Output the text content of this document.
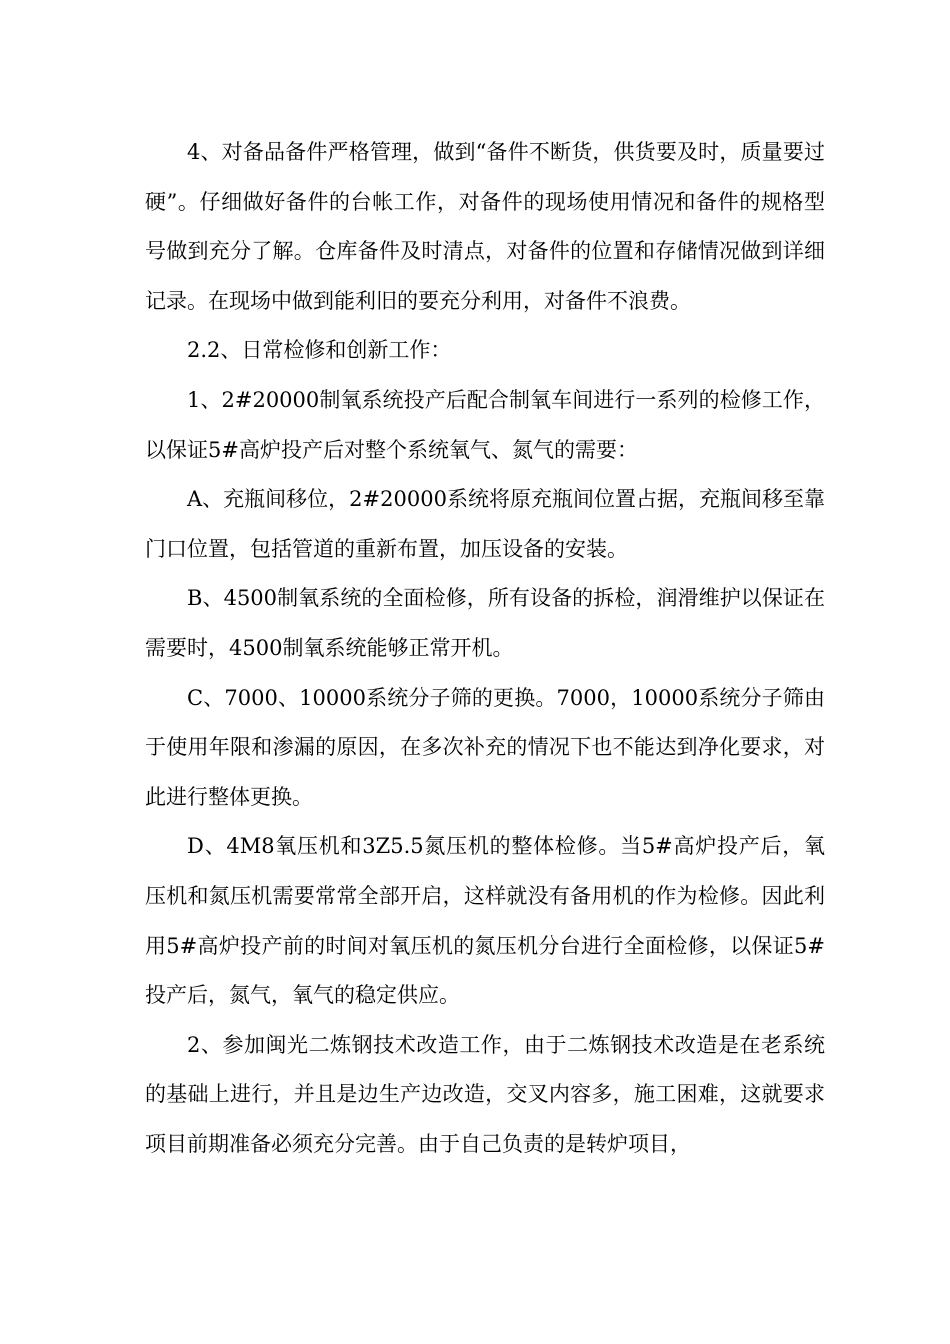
4、对备品备件严格管理，做到“备件不断货，供货要及时，质量要过硬”。仔细做好备件的台帐工作，对备件的现场使用情况和备件的规格型号做到充分了解。仓库备件及时清点，对备件的位置和存储情况做到详细记录。在现场中做到能利旧的要充分利用，对备件不浪费。

2.2、日常检修和创新工作：

1、2#20000制氧系统投产后配合制氧车间进行一系列的检修工作，以保证5#高炉投产后对整个系统氧气、氮气的需要：

A、充瓶间移位，2#20000系统将原充瓶间位置占据，充瓶间移至靠门口位置，包括管道的重新布置，加压设备的安装。

B、4500制氧系统的全面检修，所有设备的拆检，润滑维护以保证在需要时，4500制氧系统能够正常开机。

C、7000、10000系统分子筛的更换。7000，10000系统分子筛由于使用年限和渗漏的原因，在多次补充的情况下也不能达到净化要求，对此进行整体更换。

D、4M8氧压机和3Z5.5氮压机的整体检修。当5#高炉投产后，氧压机和氮压机需要常常全部开启，这样就没有备用机的作为检修。因此利用5#高炉投产前的时间对氧压机的氮压机分台进行全面检修，以保证5#投产后，氮气，氧气的稳定供应。

2、参加闽光二炼钢技术改造工作，由于二炼钢技术改造是在老系统的基础上进行，并且是边生产边改造，交叉内容多，施工困难，这就要求项目前期准备必须充分完善。由于自己负责的是转炉项目，
